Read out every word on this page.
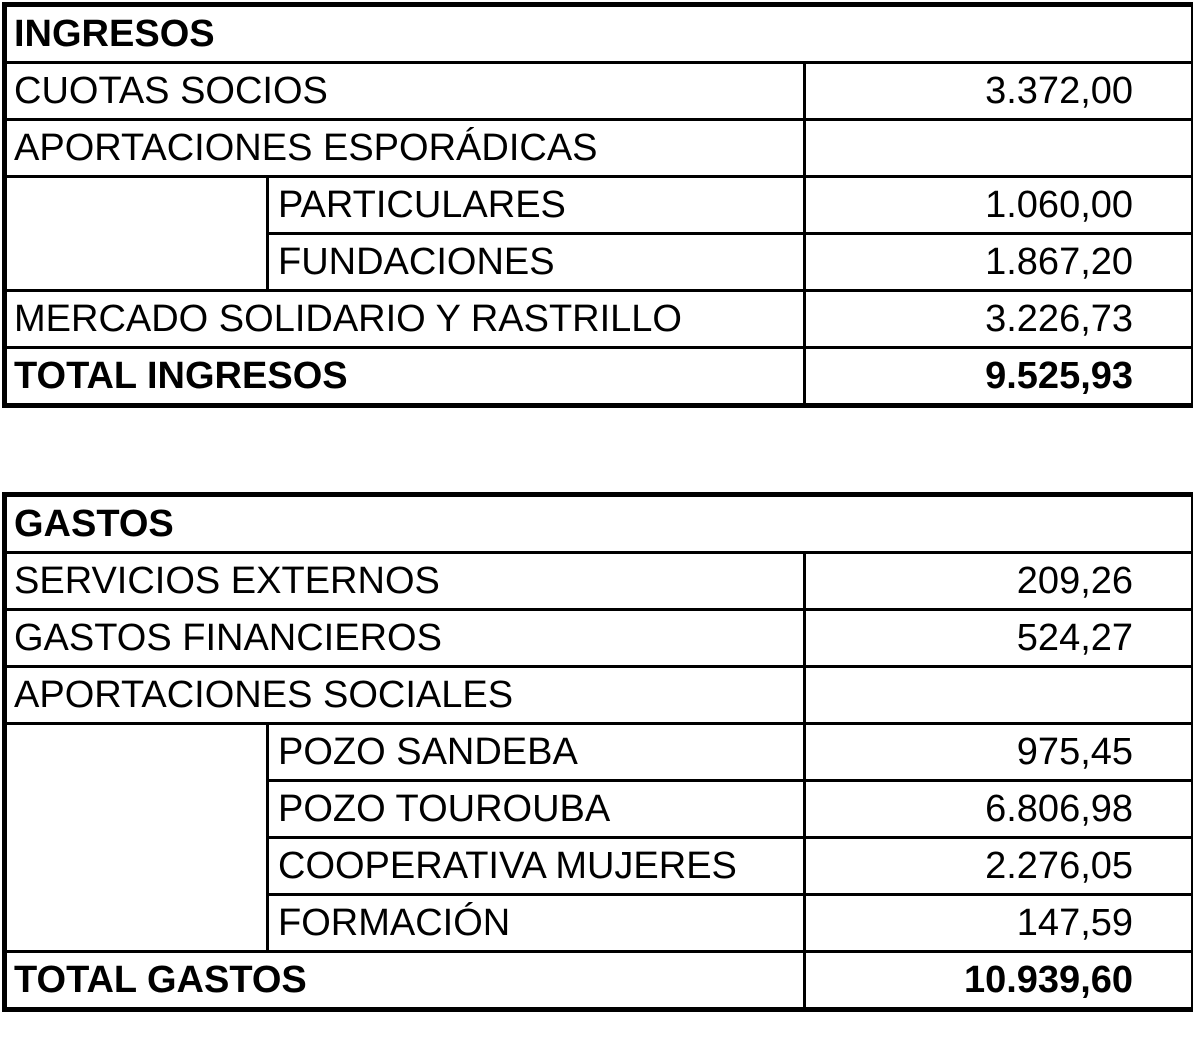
INGRESOS		
CUOTAS SOCIOS		3.372,00
APORTACIONES ESPORÁDICAS		
	PARTICULARES	1.060,00
	FUNDACIONES	1.867,20
MERCADO SOLIDARIO Y RASTRILLO		3.226,73
TOTAL INGRESOS		9.525,93
GASTOS		
SERVICIOS EXTERNOS		209,26
GASTOS FINANCIEROS		524,27
APORTACIONES SOCIALES		
	POZO SANDEBA	975,45
	POZO TOUROUBA	6.806,98
	COOPERATIVA MUJERES	2.276,05
	FORMACIÓN	147,59
TOTAL GASTOS		10.939,60
